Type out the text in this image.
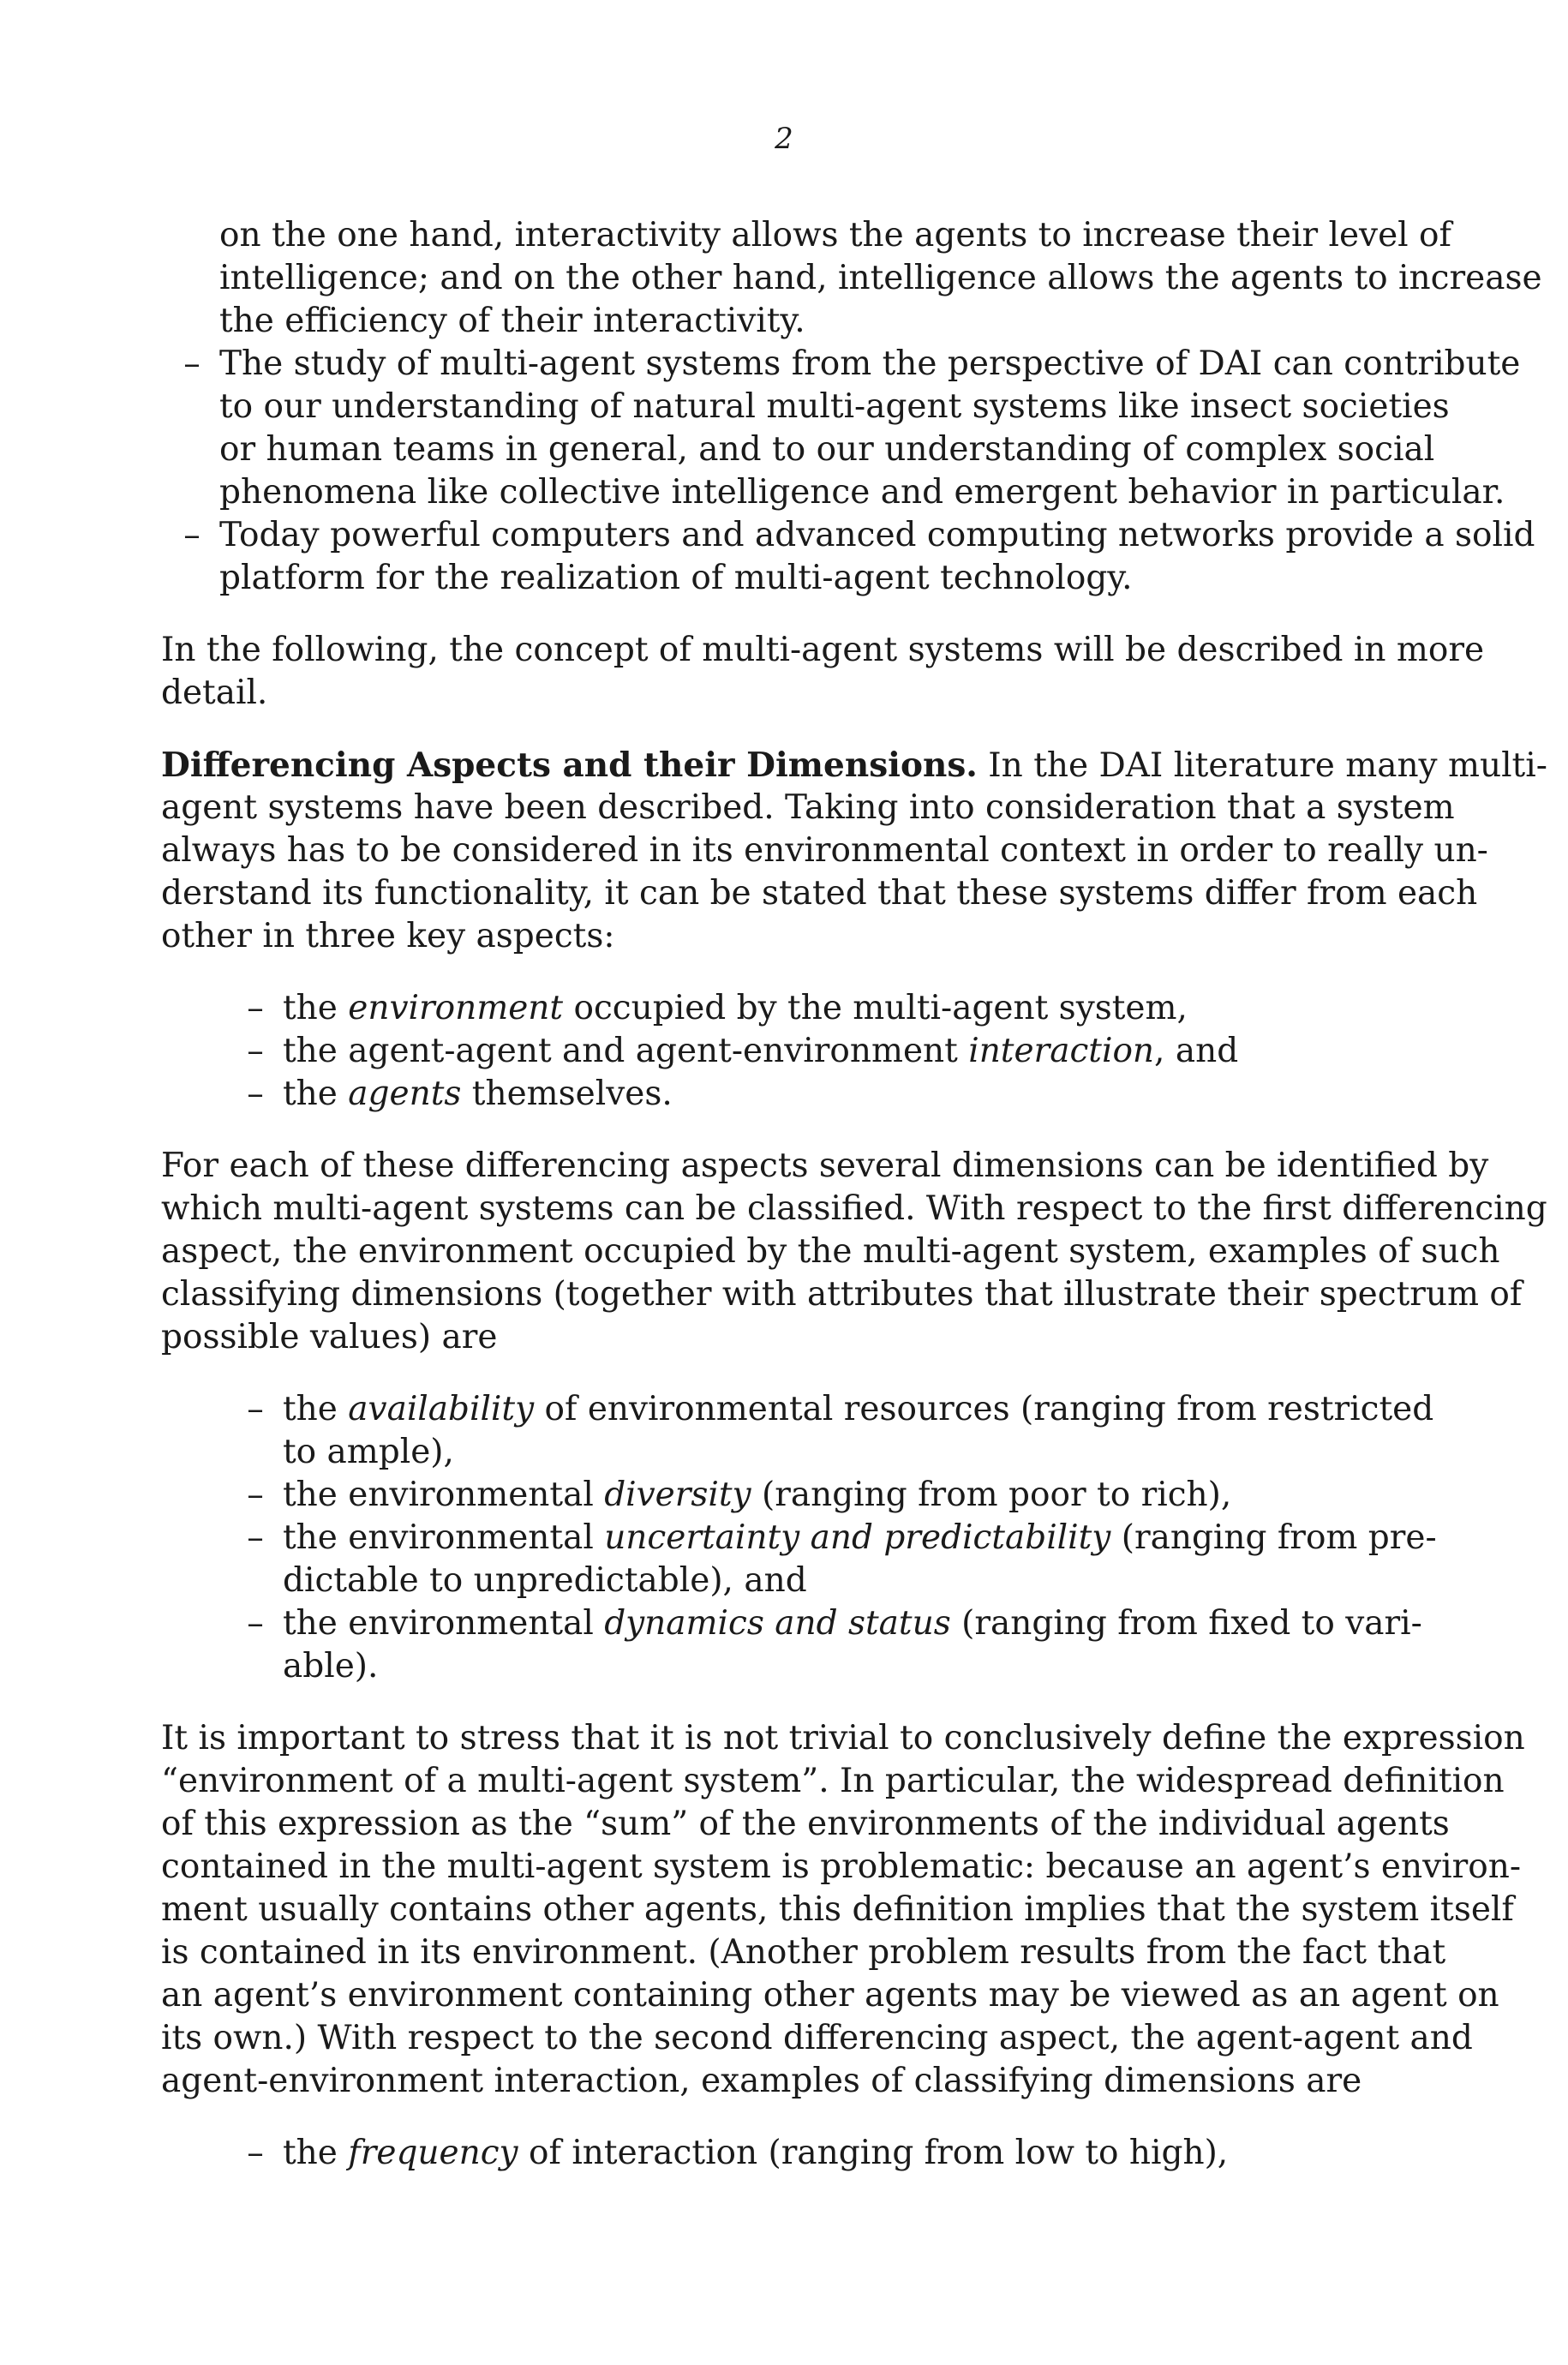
2
on the one hand, interactivity allows the agents to increase their level of
intelligence; and on the other hand, intelligence allows the agents to increase
the efficiency of their interactivity.
– The study of multi-agent systems from the perspective of DAI can contribute
to our understanding of natural multi-agent systems like insect societies
or human teams in general, and to our understanding of complex social
phenomena like collective intelligence and emergent behavior in particular.
– Today powerful computers and advanced computing networks provide a solid
platform for the realization of multi-agent technology.
In the following, the concept of multi-agent systems will be described in more
detail.
Differencing Aspects and their Dimensions. In the DAI literature many multi-
agent systems have been described. Taking into consideration that a system
always has to be considered in its environmental context in order to really un-
derstand its functionality, it can be stated that these systems differ from each
other in three key aspects:
– the environment occupied by the multi-agent system,
– the agent-agent and agent-environment interaction, and
– the agents themselves.
For each of these differencing aspects several dimensions can be identified by
which multi-agent systems can be classified. With respect to the first differencing
aspect, the environment occupied by the multi-agent system, examples of such
classifying dimensions (together with attributes that illustrate their spectrum of
possible values) are
– the availability of environmental resources (ranging from restricted
to ample),
– the environmental diversity (ranging from poor to rich),
– the environmental uncertainty and predictability (ranging from pre-
dictable to unpredictable), and
– the environmental dynamics and status (ranging from fixed to vari-
able).
It is important to stress that it is not trivial to conclusively define the expression
“environment of a multi-agent system”. In particular, the widespread definition
of this expression as the “sum” of the environments of the individual agents
contained in the multi-agent system is problematic: because an agent’s environ-
ment usually contains other agents, this definition implies that the system itself
is contained in its environment. (Another problem results from the fact that
an agent’s environment containing other agents may be viewed as an agent on
its own.) With respect to the second differencing aspect, the agent-agent and
agent-environment interaction, examples of classifying dimensions are
– the frequency of interaction (ranging from low to high),
